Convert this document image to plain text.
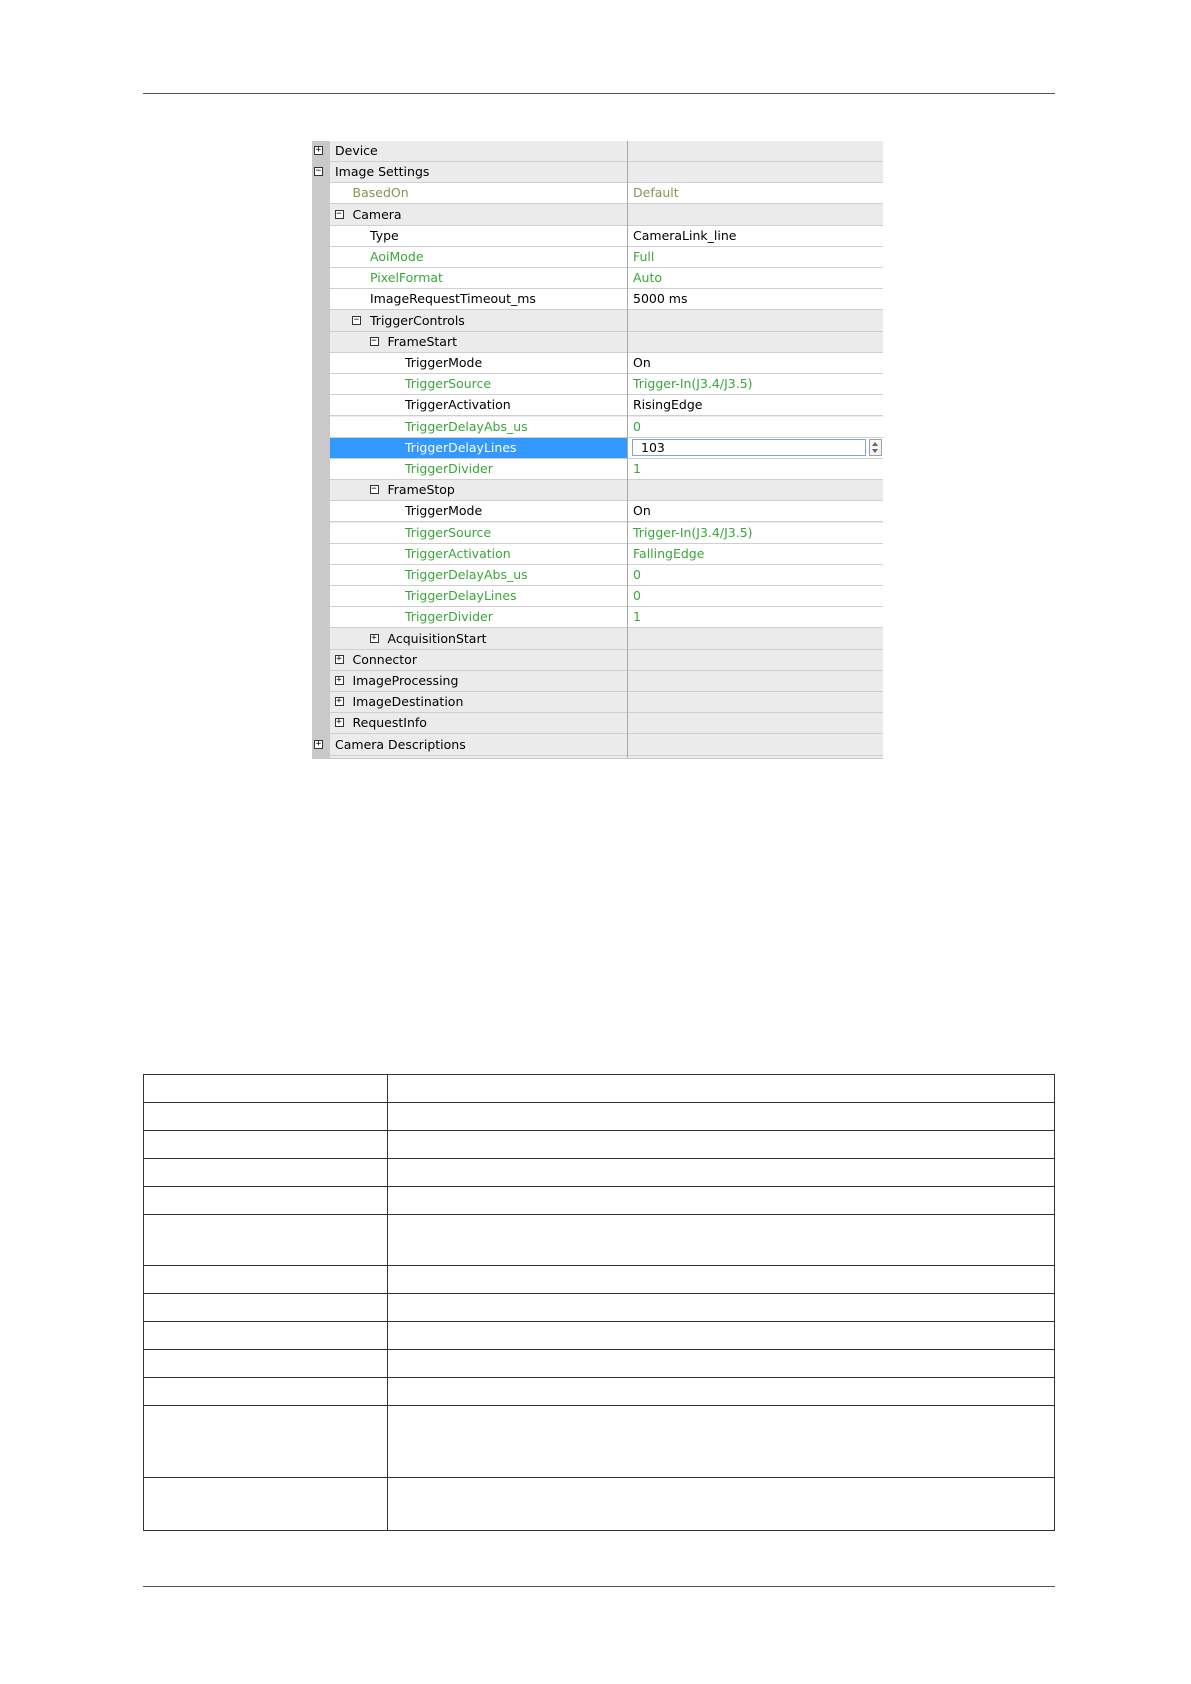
+ Device
− Image Settings
BasedOn	Default
− Camera
Type	CameraLink_line
AoiMode	Full
PixelFormat	Auto
ImageRequestTimeout_ms	5000 ms
− TriggerControls
− FrameStart
TriggerMode	On
TriggerSource	Trigger-In(J3.4/J3.5)
TriggerActivation	RisingEdge
TriggerDelayAbs_us	0
TriggerDelayLines	103
TriggerDivider	1
− FrameStop
TriggerMode	On
TriggerSource	Trigger-In(J3.4/J3.5)
TriggerActivation	FallingEdge
TriggerDelayAbs_us	0
TriggerDelayLines	0
TriggerDivider	1
+ AcquisitionStart
+ Connector
+ ImageProcessing
+ ImageDestination
+ RequestInfo
+ Camera Descriptions
